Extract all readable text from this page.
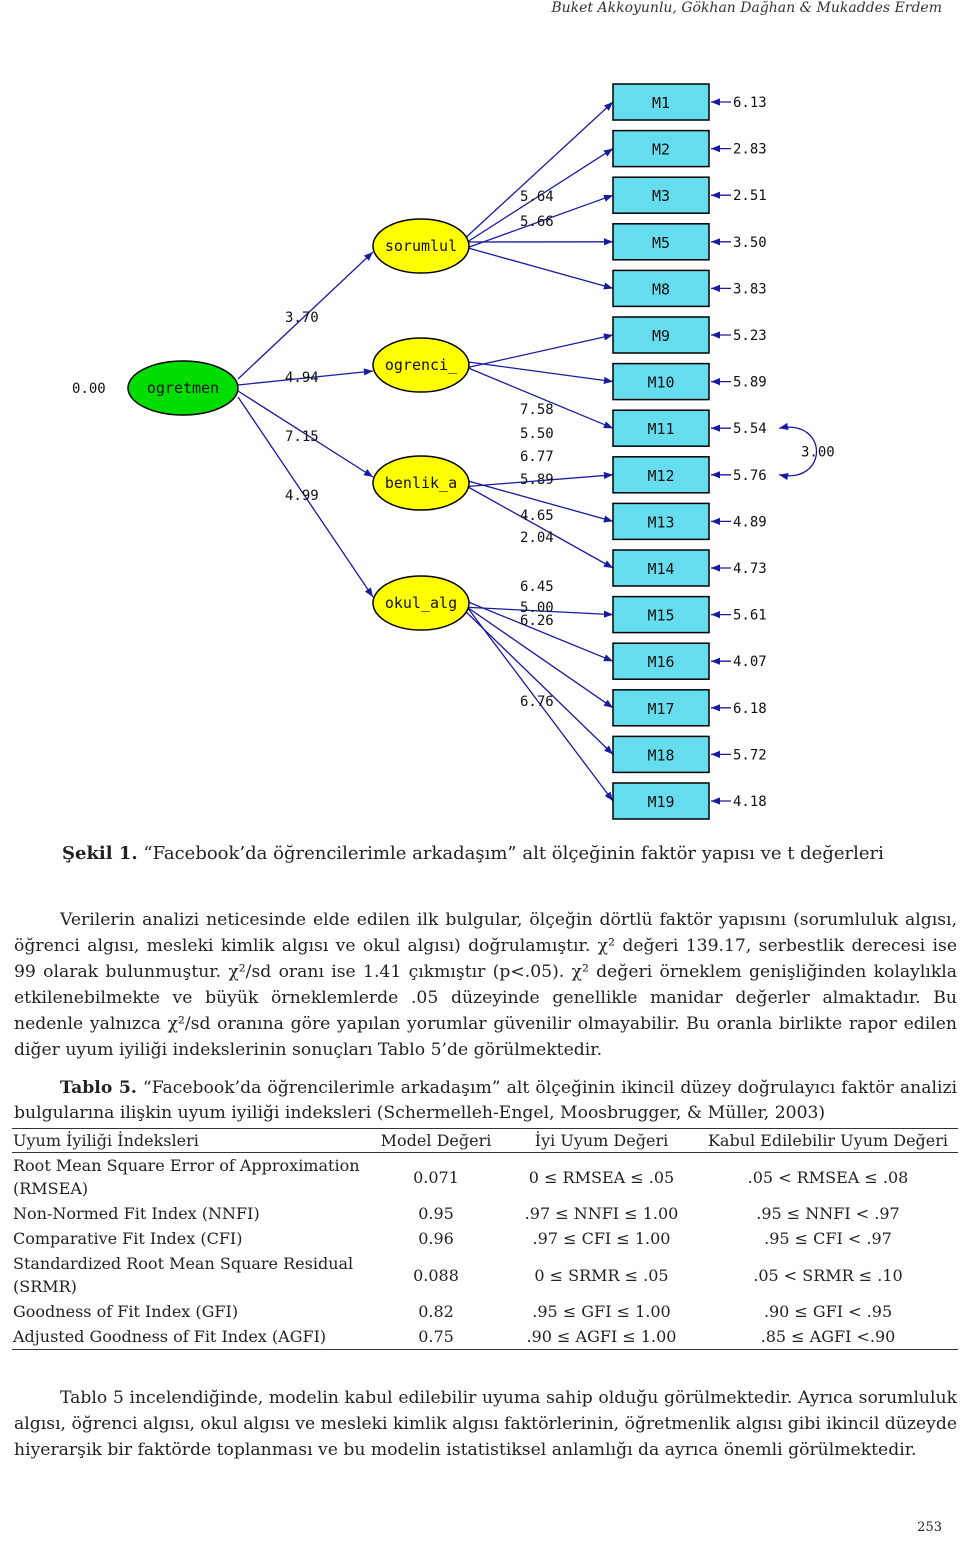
Buket Akkoyunlu, Gökhan Dağhan & Mukaddes Erdem
6.13
2.83
2.51
3.50
3.83
5.23
5.89
5.54
5.76
4.89
4.73
5.61
4.07
6.18
5.72
4.18
3.00
M1
M2
M3
M5
M8
M9
M10
M11
M12
M13
M14
M15
M16
M17
M18
M19
sorumlul
ogrenci_
benlik_a
okul_alg
ogretmen
0.00
3.70
4.94
7.15
4.99
5.64
5.66
7.58
5.50
6.77
5.89
4.65
2.04
6.45
5.00
6.26
6.76
Şekil 1. “Facebook’da öğrencilerimle arkadaşım” alt ölçeğinin faktör yapısı ve t değerleri
Verilerin analizi neticesinde elde edilen ilk bulgular, ölçeğin dörtlü faktör yapısını (sorumluluk algısı, öğrenci algısı, mesleki kimlik algısı ve okul algısı) doğrulamıştır. χ² değeri 139.17, serbestlik derecesi ise 99 olarak bulunmuştur. χ²/sd oranı ise 1.41 çıkmıştır (p<.05). χ² değeri örneklem genişliğinden kolaylıkla etkilenebilmekte ve büyük örneklemlerde .05 düzeyinde genellikle manidar değerler almaktadır. Bu nedenle yalnızca χ²/sd oranına göre yapılan yorumlar güvenilir olmayabilir. Bu oranla birlikte rapor edilen diğer uyum iyiliği indekslerinin sonuçları Tablo 5’de görülmektedir.
Tablo 5. “Facebook’da öğrencilerimle arkadaşım” alt ölçeğinin ikincil düzey doğrulayıcı faktör analizi bulgularına ilişkin uyum iyiliği indeksleri (Schermelleh-Engel, Moosbrugger, & Müller, 2003)
Uyum İyiliği İndeksleri	Model Değeri	İyi Uyum Değeri	Kabul Edilebilir Uyum Değeri
Root Mean Square Error of Approximation (RMSEA)	0.071	0 ≤ RMSEA ≤ .05	.05 < RMSEA ≤ .08
Non-Normed Fit Index (NNFI)	0.95	.97 ≤ NNFI ≤ 1.00	.95 ≤ NNFI < .97
Comparative Fit Index (CFI)	0.96	.97 ≤ CFI ≤ 1.00	.95 ≤ CFI < .97
Standardized Root Mean Square Residual (SRMR)	0.088	0 ≤ SRMR ≤ .05	.05 < SRMR ≤ .10
Goodness of Fit Index (GFI)	0.82	.95 ≤ GFI ≤ 1.00	.90 ≤ GFI < .95
Adjusted Goodness of Fit Index (AGFI)	0.75	.90 ≤ AGFI ≤ 1.00	.85 ≤ AGFI <.90
Tablo 5 incelendiğinde, modelin kabul edilebilir uyuma sahip olduğu görülmektedir. Ayrıca sorumluluk algısı, öğrenci algısı, okul algısı ve mesleki kimlik algısı faktörlerinin, öğretmenlik algısı gibi ikincil düzeyde hiyerarşik bir faktörde toplanması ve bu modelin istatistiksel anlamlığı da ayrıca önemli görülmektedir.
253
